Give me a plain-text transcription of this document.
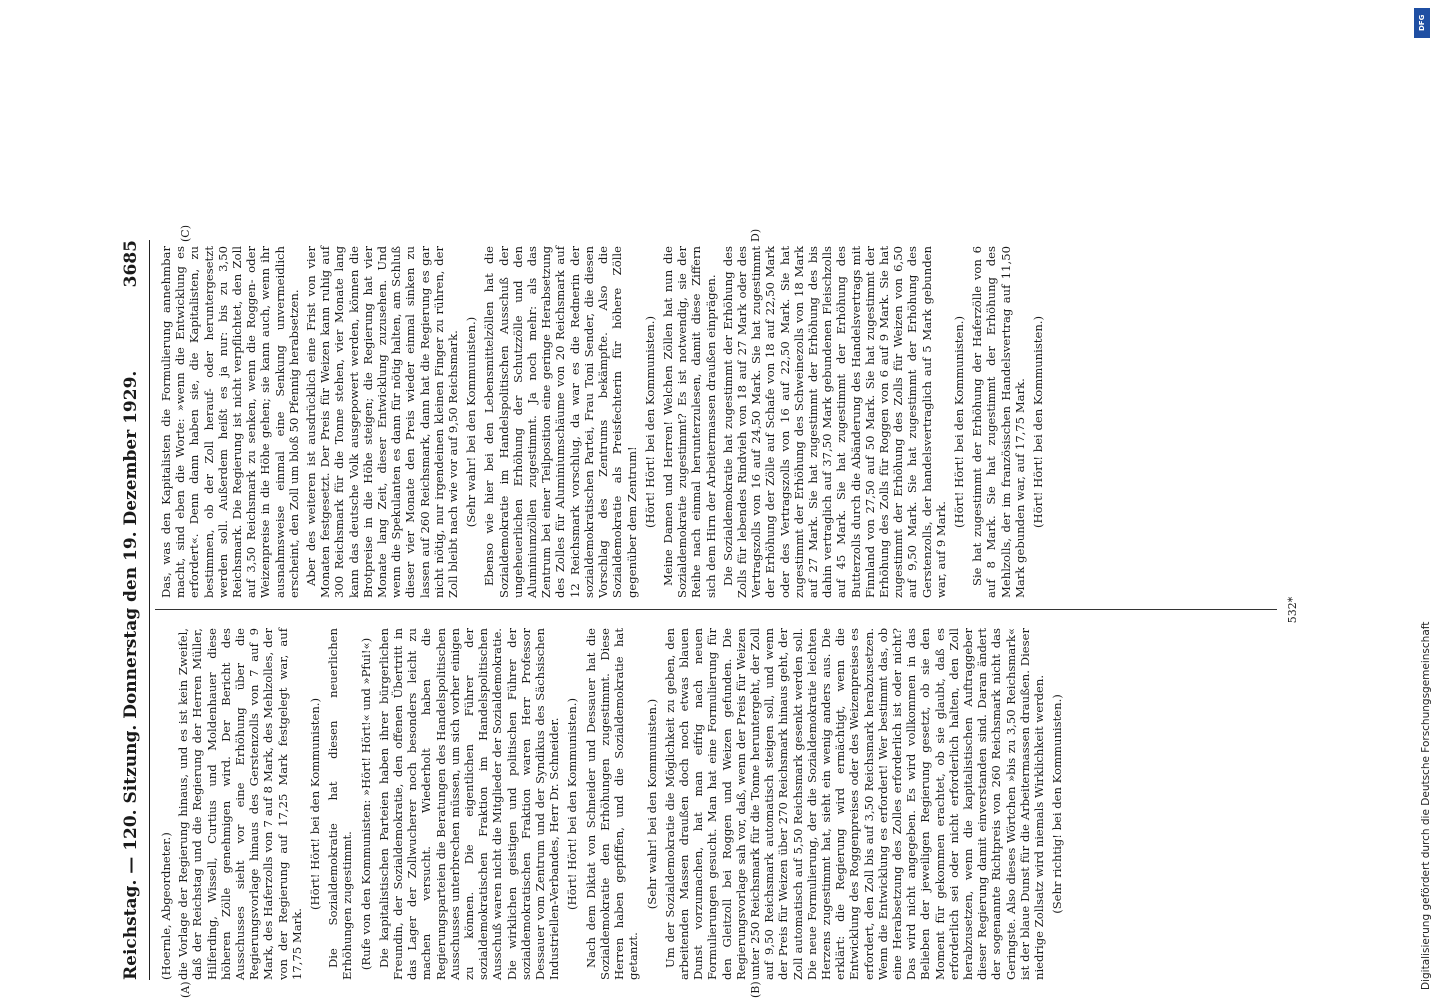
Reichstag. — 120. Sitzung. Donnerstag den 19. Dezember 1929.
3685
(A)	(B)
(C)	D)

(Hoernle, Abgeordneter.) die Vorlage der Regierung hinaus, und es ist kein Zweifel, daß der Reichstag und die Regierung der Herren Müller, Hilferding, Wissell, Curtius und Moldenhauer diese höheren Zölle genehmigen wird. Der Bericht des Ausschusses sieht vor eine Erhöhung über die Regierungsvorlage hinaus des Gerstenzolls von 7 auf 9 Mark, des Haferzolls von 7 auf 8 Mark, des Mehlzolles, der von der Regierung auf 17,25 Mark festgelegt war, auf 17,75 Mark.

(Hört! Hört! bei den Kommunisten.) Die Sozialdemokratie hat diesen neuerlichen Erhöhungen zugestimmt. (Rufe von den Kommunisten: »Hört! Hört!« und »Pfui!«) Die kapitalistischen Parteien haben ihrer bürgerlichen Freundin, der Sozialdemokratie, den offenen Übertritt in das Lager der Zollwucherer noch besonders leicht zu machen versucht. Wiederholt haben die Regierungsparteien die Beratungen des Handelspolitischen Ausschusses unterbrechen müssen, um sich vorher einigen zu können. Die eigentlichen Führer der sozialdemokratischen Fraktion im Handelspolitischen Ausschuß waren nicht die Mitglieder der Sozialdemokratie. Die wirklichen geistigen und politischen Führer der sozialdemokratischen Fraktion waren Herr Professor Dessauer vom Zentrum und der Syndikus des Sächsischen Industriellen-Verbandes, Herr Dr. Schneider. (Hört! Hört! bei den Kommunisten.) Nach dem Diktat von Schneider und Dessauer hat die Sozialdemokratie den Erhöhungen zugestimmt. Diese Herren haben gepfiffen, und die Sozialdemokratie hat getanzt.

(Sehr wahr! bei den Kommunisten.) Um der Sozialdemokratie die Möglichkeit zu geben, den arbeitenden Massen draußen doch noch etwas blauen Dunst vorzumachen, hat man eifrig nach neuen Formulierungen gesucht. Man hat eine Formulierung für den Gleitzoll bei Roggen und Weizen gefunden. Die Regierungsvorlage sah vor, daß, wenn der Preis für Weizen unter 250 Reichsmark für die Tonne heruntergeht, der Zoll auf 9,50 Reichsmark automatisch steigen soll, und wenn der Preis für Weizen über 270 Reichsmark hinaus geht, der Zoll automatisch auf 5,50 Reichsmark gesenkt werden soll. Die neue Formulierung, der die Sozialdemokratie leichten Herzens zugestimmt hat, sieht ein wenig anders aus. Die erklärt: die Regierung wird ermächtigt, wenn die Entwicklung des Roggenpreises oder des Weizenpreises es erfordert, den Zoll bis auf 3,50 Reichsmark herabzusetzen. Wenn die Entwicklung es erfordert! Wer bestimmt das, ob eine Herabsetzung des Zolles erforderlich ist oder nicht? Das wird nicht angegeben. Es wird vollkommen in das Belieben der jeweiligen Regierung gesetzt, ob sie den Moment für gekommen erachtet, ob sie glaubt, daß es erforderlich sei oder nicht erforderlich halten, den Zoll herabzusetzen, wenn die kapitalistischen Auftraggeber dieser Regierung damit einverstanden sind. Daran ändert der sogenannte Richtpreis von 260 Reichsmark nicht das Geringste. Also dieses Wörtchen »bis zu 3,50 Reichsmark« ist der blaue Dunst für die Arbeitermassen draußen. Dieser niedrige Zollsatz wird niemals Wirklichkeit werden. (Sehr richtig! bei den Kommunisten.)

Das, was den Kapitalisten die Formulierung annehmbar macht, sind eben die Worte: »wenn die Entwicklung es erfordert«. Denn dann haben sie, die Kapitalisten, zu bestimmen, ob der Zoll herauf- oder heruntergesetzt werden soll. Außerdem heißt es ja nur: bis zu 3,50 Reichsmark. Die Regierung ist nicht verpflichtet, den Zoll auf 3,50 Reichsmark zu senken, wenn die Roggen- oder Weizenpreise in die Höhe gehen; sie kann auch, wenn ihr ausnahmsweise einmal eine Senkung unvermeidlich erscheint, den Zoll um bloß 50 Pfennig herabsetzen. Aber des weiteren ist ausdrücklich eine Frist von vier Monaten festgesetzt. Der Preis für Weizen kann ruhig auf 300 Reichsmark für die Tonne stehen, vier Monate lang kann das deutsche Volk ausgepowert werden, können die Brotpreise in die Höhe steigen; die Regierung hat vier Monate lang Zeit, dieser Entwicklung zuzusehen. Und wenn die Spekulanten es dann für nötig halten, am Schluß dieser vier Monate den Preis wieder einmal sinken zu lassen auf 260 Reichsmark, dann hat die Regierung es gar nicht nötig, nur irgendeinen kleinen Finger zu rühren, der Zoll bleibt nach wie vor auf 9,50 Reichsmark. (Sehr wahr! bei den Kommunisten.) Ebenso wie hier bei den Lebensmittelzöllen hat die Sozialdemokratie im Handelspolitischen Ausschuß der ungeheuerlichen Erhöhung der Schutzzölle und den Aluminiumzöllen zugestimmt. Ja noch mehr: als das Zentrum bei einer Teilposition eine geringe Herabsetzung des Zolles für Aluminiumschäume von 20 Reichsmark auf 12 Reichsmark vorschlug, da war es die Rednerin der sozialdemokratischen Partei, Frau Toni Sender, die diesen Vorschlag des Zentrums bekämpfte. Also die Sozialdemokratie als Preisfechterin für höhere Zölle gegenüber dem Zentrum! (Hört! Hört! bei den Kommunisten.) Meine Damen und Herren! Welchen Zöllen hat nun die Sozialdemokratie zugestimmt? Es ist notwendig, sie der Reihe nach einmal herunterzulesen, damit diese Ziffern sich dem Hirn der Arbeitermassen draußen einprägen. Die Sozialdemokratie hat zugestimmt der Erhöhung des Zolls für lebendes Rindvieh von 18 auf 27 Mark oder des Vertragszolls von 16 auf 24,50 Mark. Sie hat zugestimmt der Erhöhung der Zölle auf Schafe von 18 auf 22,50 Mark oder des Vertragszolls von 16 auf 22,50 Mark. Sie hat zugestimmt der Erhöhung des Schweinezolls von 18 Mark auf 27 Mark. Sie hat zugestimmt der Erhöhung des bis dahin vertraglich auf 37,50 Mark gebundenen Fleischzolls auf 45 Mark. Sie hat zugestimmt der Erhöhung des Butterzolls durch die Abänderung des Handelsvertrags mit Finnland von 27,50 auf 50 Mark. Sie hat zugestimmt der Erhöhung des Zolls für Roggen von 6 auf 9 Mark. Sie hat zugestimmt der Erhöhung des Zolls für Weizen von 6,50 auf 9,50 Mark. Sie hat zugestimmt der Erhöhung des Gerstenzolls, der handelsvertraglich auf 5 Mark gebunden war, auf 9 Mark.

(Hört! Hört! bei den Kommunisten.) Sie hat zugestimmt der Erhöhung der Haferzölle von 6 auf 8 Mark. Sie hat zugestimmt der Erhöhung des Mehlzolls, der im französischen Handelsvertrag auf 11,50 Mark gebunden war, auf 17,75 Mark. (Hört! Hört! bei den Kommunisten.)

532*
DFG
Digitalisierung gefördert durch die Deutsche Forschungsgemeinschaft
